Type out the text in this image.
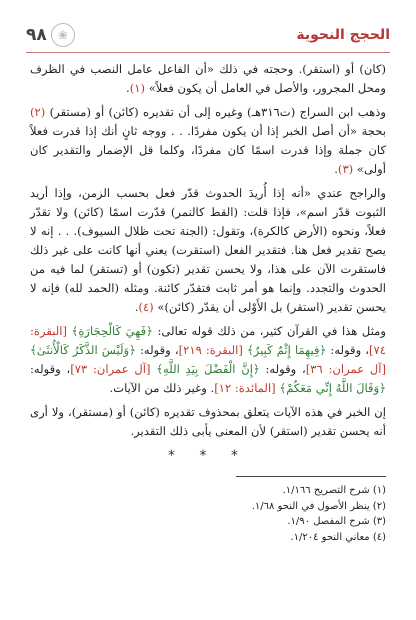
الحجج النحوية
❀
٩٨

(كان) أو (استقر). وحجته في ذلك «أن الفاعل عامل النصب في الظرف ومحل المجرور، والأصل في العامل أن يكون فعلاً» (١).

وذهب ابن السراج (ت٣١٦هـ) وغيره إلى أن تقديره (كائن) أو (مستقر) (٢) بحجة «أن أصل الخبر إذا أن يكون مفردًا. . . ووجه ثانٍ أنك إذا قدرت فعلاً كان جملة وإذا قدرت اسمًا كان مفردًا، وكلما قل الإضمار والتقدير كان أولى» (٣).

والراجح عندي «أنه إذا أُريدَ الحدوث قدّر فعل بحسب الزمن، وإذا أريد الثبوت قدّر اسم»، فإذا قلت: (القط كالنمر) قدّرت اسمًا (كائن) ولا تقدّر فعلاً، ونحوه (الأرض كالكرة)، وتقول: (الجنة تحت ظلال السيوف). . . إنه لا يصح تقدير فعل هنا. فتقدير الفعل (استقرت) يعني أنها كانت على غير ذلك فاستقرت الآن على هذا، ولا يحسن تقدير (تكون) أو (تستقر) لما فيه من الحدوث والتجدد. وإنما هو أمر ثابت فتقدّر كائنة. ومثله (الحمد لله) فإنه لا يحسن تقدير (استقر) بل الأَوْلى أن يقدّر (كائن)» (٤).

ومثل هذا في القرآن كثير، من ذلك قوله تعالى: ﴿فَهِيَ كَالْحِجَارَةِ﴾ [البقرة: ٧٤]، وقوله: ﴿فِيهِمَا إِثْمٌ كَبِيرٌ﴾ [البقرة: ٢١٩]، وقوله: ﴿وَلَيْسَ الذَّكَرُ كَالْأُنثَىٰ﴾ [آل عمران: ٣٦]، وقوله: ﴿إِنَّ الْفَضْلَ بِيَدِ اللَّهِ﴾ [آل عمران: ٧٣]، وقوله: ﴿وَقَالَ اللَّهُ إِنِّي مَعَكُمْ﴾ [المائدة: ١٢]. وغير ذلك من الآيات.

إن الخبر في هذه الآيات يتعلق بمحذوف تقديره (كائن) أو (مستقر)، ولا أرى أنه يحسن تقدير (استقر) لأن المعنى يأبى ذلك التقدير.

* * *
(١) شرح التصريح ١/١٦٦.
(٢) ينظر الأصول في النحو ١/٦٨.
(٣) شرح المفصل ١/٩٠.
(٤) معاني النحو ١/٢٠٤.
